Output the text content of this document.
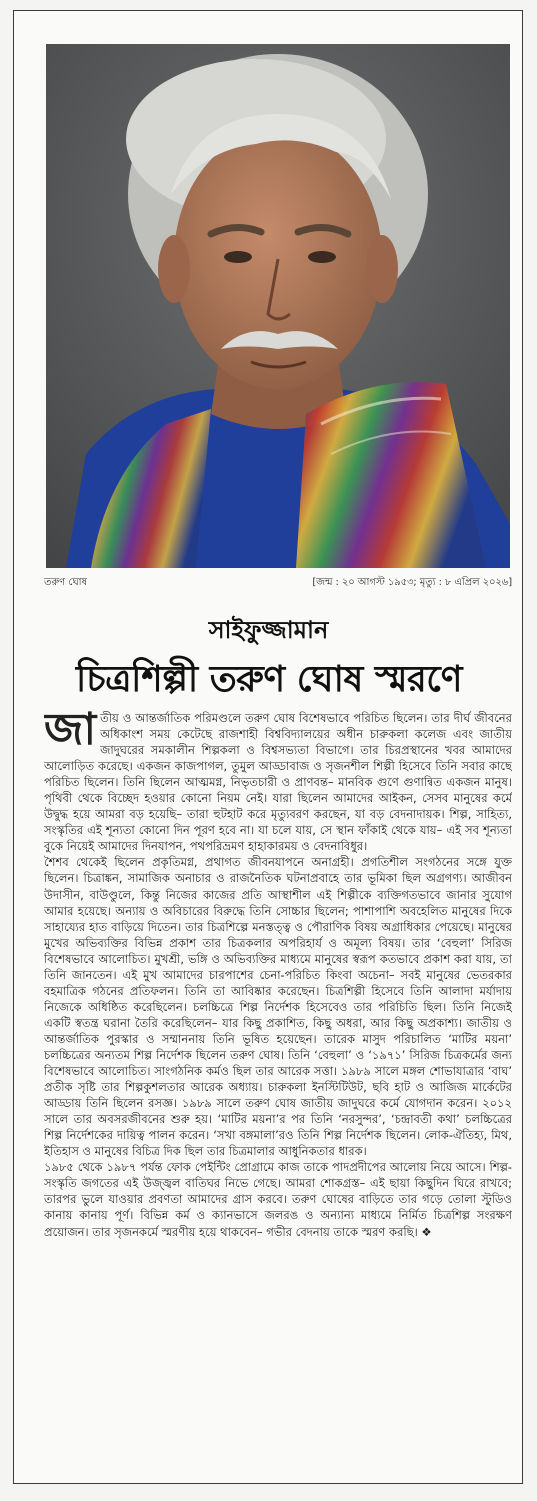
তরুণ ঘোষ	[জন্ম : ২০ আগস্ট ১৯৫৩; মৃত্যু : ৮ এপ্রিল ২০২৬]
সাইফুজ্জামান
চিত্রশিল্পী তরুণ ঘোষ স্মরণে

জাতীয় ও আন্তর্জাতিক পরিমণ্ডলে তরুণ ঘোষ বিশেষভাবে পরিচিত ছিলেন। তার দীর্ঘ জীবনের অধিকাংশ সময় কেটেছে রাজশাহী বিশ্ববিদ্যালয়ের অধীন চারুকলা কলেজ এবং জাতীয় জাদুঘরের সমকালীন শিল্পকলা ও বিশ্বসভ্যতা বিভাগে। তার চিরপ্রস্থানের খবর আমাদের আলোড়িত করেছে। একজন কাজপাগল, তুমুল আড্ডাবাজ ও সৃজনশীল শিল্পী হিসেবে তিনি সবার কাছে পরিচিত ছিলেন। তিনি ছিলেন আত্মমগ্ন, নিভৃতচারী ও প্রাণবন্ত– মানবিক গুণে গুণান্বিত একজন মানুষ। পৃথিবী থেকে বিচ্ছেদ হওয়ার কোনো নিয়ম নেই। যারা ছিলেন আমাদের আইকন, সেসব মানুষের কর্মে উদ্বুদ্ধ হয়ে আমরা বড় হয়েছি– তারা হুটহাট করে মৃত্যুবরণ করছেন, যা বড় বেদনাদায়ক। শিল্প, সাহিত্য, সংস্কৃতির এই শূন্যতা কোনো দিন পূরণ হবে না। যা চলে যায়, সে স্থান ফাঁকাই থেকে যায়– এই সব শূন্যতা বুকে নিয়েই আমাদের দিনযাপন, পথপরিভ্রমণ হাহাকারময় ও বেদনাবিধুর।

শৈশব থেকেই ছিলেন প্রকৃতিমগ্ন, প্রথাগত জীবনযাপনে অনাগ্রহী। প্রগতিশীল সংগঠনের সঙ্গে যুক্ত ছিলেন। চিত্রাঙ্কন, সামাজিক অনাচার ও রাজনৈতিক ঘটনাপ্রবাহে তার ভূমিকা ছিল অগ্রগণ্য। আজীবন উদাসীন, বাউণ্ডুলে, কিন্তু নিজের কাজের প্রতি আস্থাশীল এই শিল্পীকে ব্যক্তিগতভাবে জানার সুযোগ আমার হয়েছে। অন্যায় ও অবিচারের বিরুদ্ধে তিনি সোচ্চার ছিলেন; পাশাপাশি অবহেলিত মানুষের দিকে সাহায্যের হাত বাড়িয়ে দিতেন। তার চিত্রশিল্পে মনস্তত্ত্ব ও পৌরাণিক বিষয় অগ্রাধিকার পেয়েছে। মানুষের মুখের অভিব্যক্তির বিভিন্ন প্রকাশ তার চিত্রকলার অপরিহার্য ও অমূল্য বিষয়। তার ‘বেহুলা’ সিরিজ বিশেষভাবে আলোচিত। মুখশ্রী, ভঙ্গি ও অভিব্যক্তির মাধ্যমে মানুষের স্বরূপ কতভাবে প্রকাশ করা যায়, তা তিনি জানতেন। এই মুখ আমাদের চারপাশের চেনা-পরিচিত কিংবা অচেনা– সবই মানুষের ভেতরকার বহমাত্রিক গঠনের প্রতিফলন। তিনি তা আবিষ্কার করেছেন। চিত্রশিল্পী হিসেবে তিনি আলাদা মর্যাদায় নিজেকে অধিষ্ঠিত করেছিলেন। চলচ্চিত্রে শিল্প নির্দেশক হিসেবেও তার পরিচিতি ছিল। তিনি নিজেই একটি স্বতন্ত্র ঘরানা তৈরি করেছিলেন– যার কিছু প্রকাশিত, কিছু অধরা, আর কিছু অপ্রকাশ্য। জাতীয় ও আন্তর্জাতিক পুরস্কার ও সম্মাননায় তিনি ভূষিত হয়েছেন। তারেক মাসুদ পরিচালিত ‘মাটির ময়না’ চলচ্চিত্রের অন্যতম শিল্প নির্দেশক ছিলেন তরুণ ঘোষ। তিনি ‘বেহুলা’ ও ‘১৯৭১’ সিরিজ চিত্রকর্মের জন্য বিশেষভাবে আলোচিত। সাংগঠনিক কর্মও ছিল তার আরেক সত্তা। ১৯৮৯ সালে মঙ্গল শোভাযাত্রার ‘বাঘ’ প্রতীক সৃষ্টি তার শিল্পকুশলতার আরেক অধ্যায়। চারুকলা ইনস্টিটিউট, ছবি হাট ও আজিজ মার্কেটের আড্ডায় তিনি ছিলেন রসজ্ঞ। ১৯৮৯ সালে তরুণ ঘোষ জাতীয় জাদুঘরে কর্মে যোগদান করেন। ২০১২ সালে তার অবসরজীবনের শুরু হয়। ‘মাটির ময়না’র পর তিনি ‘নরসুন্দর’, ‘চন্দ্রাবতী কথা’ চলচ্চিত্রের শিল্প নির্দেশকের দায়িত্ব পালন করেন। ‘সখা বঙ্গমালা’রও তিনি শিল্প নির্দেশক ছিলেন। লোক-ঐতিহ্য, মিথ, ইতিহাস ও মানুষের বিচিত্র দিক ছিল তার চিত্রমালার আধুনিকতার ধারক।

১৯৮৫ থেকে ১৯৮৭ পর্যন্ত ফোক পেইন্টিং প্রোগ্রামে কাজ তাকে পাদপ্রদীপের আলোয় নিয়ে আসে। শিল্প-সংস্কৃতি জগতের এই উজ্জ্বল বাতিঘর নিভে গেছে। আমরা শোকগ্রস্ত– এই ছায়া কিছুদিন ঘিরে রাখবে; তারপর ভুলে যাওয়ার প্রবণতা আমাদের গ্রাস করবে। তরুণ ঘোষের বাড়িতে তার গড়ে তোলা স্টুডিও কানায় কানায় পূর্ণ। বিভিন্ন কর্ম ও ক্যানভাসে জলরঙ ও অন্যান্য মাধ্যমে নির্মিত চিত্রশিল্প সংরক্ষণ প্রয়োজন। তার সৃজনকর্মে স্মরণীয় হয়ে থাকবেন– গভীর বেদনায় তাকে স্মরণ করছি। ❖
